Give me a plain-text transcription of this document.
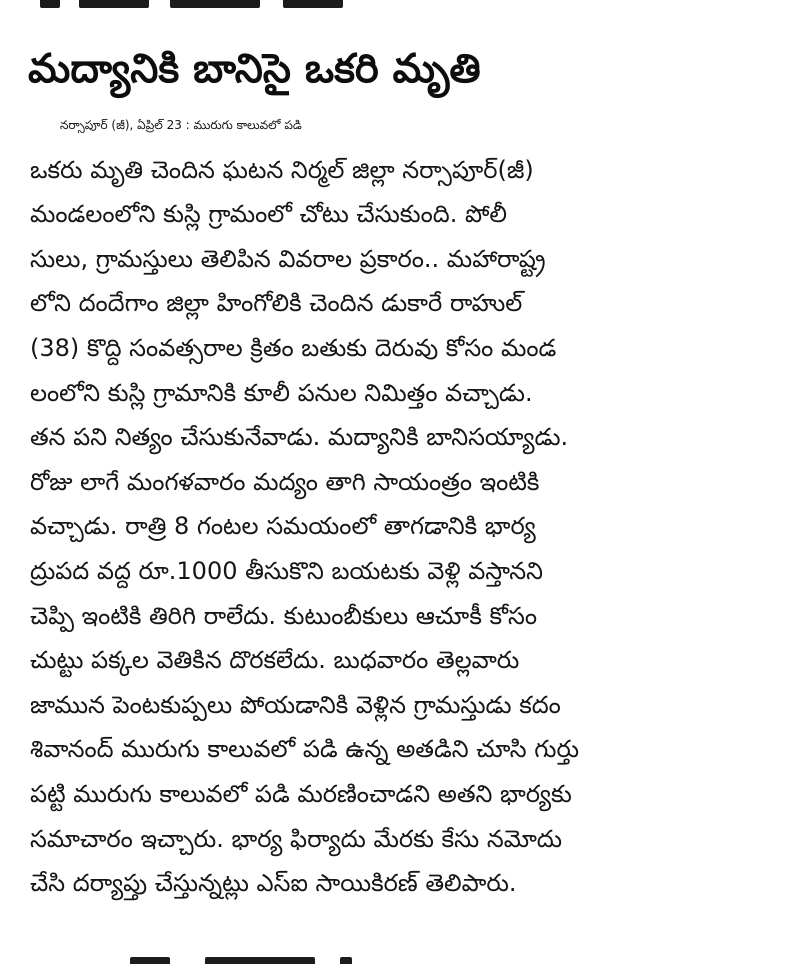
మద్యానికి బానిసై ఒకరి మృతి
నర్సాపూర్ (జీ), ఏప్రిల్ 23 : మురుగు కాలువలో పడి
ఒకరు మృతి చెందిన ఘటన నిర్మల్ జిల్లా నర్సాపూర్(జీ)
మండలంలోని కుస్లి గ్రామంలో చోటు చేసుకుంది. పోలీ
సులు, గ్రామస్తులు తెలిపిన వివరాల ప్రకారం.. మహారాష్ట్ర
లోని దందేగాం జిల్లా హింగోలికి చెందిన డుకారే రాహుల్
(38) కొద్ది సంవత్సరాల క్రితం బతుకు దెరువు కోసం మండ
లంలోని కుస్లి గ్రామానికి కూలీ పనుల నిమిత్తం వచ్చాడు.
తన పని నిత్యం చేసుకునేవాడు. మద్యానికి బానిసయ్యాడు.
రోజు లాగే మంగళవారం మద్యం తాగి సాయంత్రం ఇంటికి
వచ్చాడు. రాత్రి 8 గంటల సమయంలో తాగడానికి భార్య
ద్రుపద వద్ద రూ.1000 తీసుకొని బయటకు వెళ్లి వస్తానని
చెప్పి ఇంటికి తిరిగి రాలేదు. కుటుంబీకులు ఆచూకీ కోసం
చుట్టు పక్కల వెతికిన దొరకలేదు. బుధవారం తెల్లవారు
జామున పెంటకుప్పలు పోయడానికి వెళ్లిన గ్రామస్తుడు కదం
శివానంద్ మురుగు కాలువలో పడి ఉన్న అతడిని చూసి గుర్తు
పట్టి మురుగు కాలువలో పడి మరణించాడని అతని భార్యకు
సమాచారం ఇచ్చారు. భార్య ఫిర్యాదు మేరకు కేసు నమోదు
చేసి దర్యాప్తు చేస్తున్నట్లు ఎస్ఐ సాయికిరణ్ తెలిపారు.
